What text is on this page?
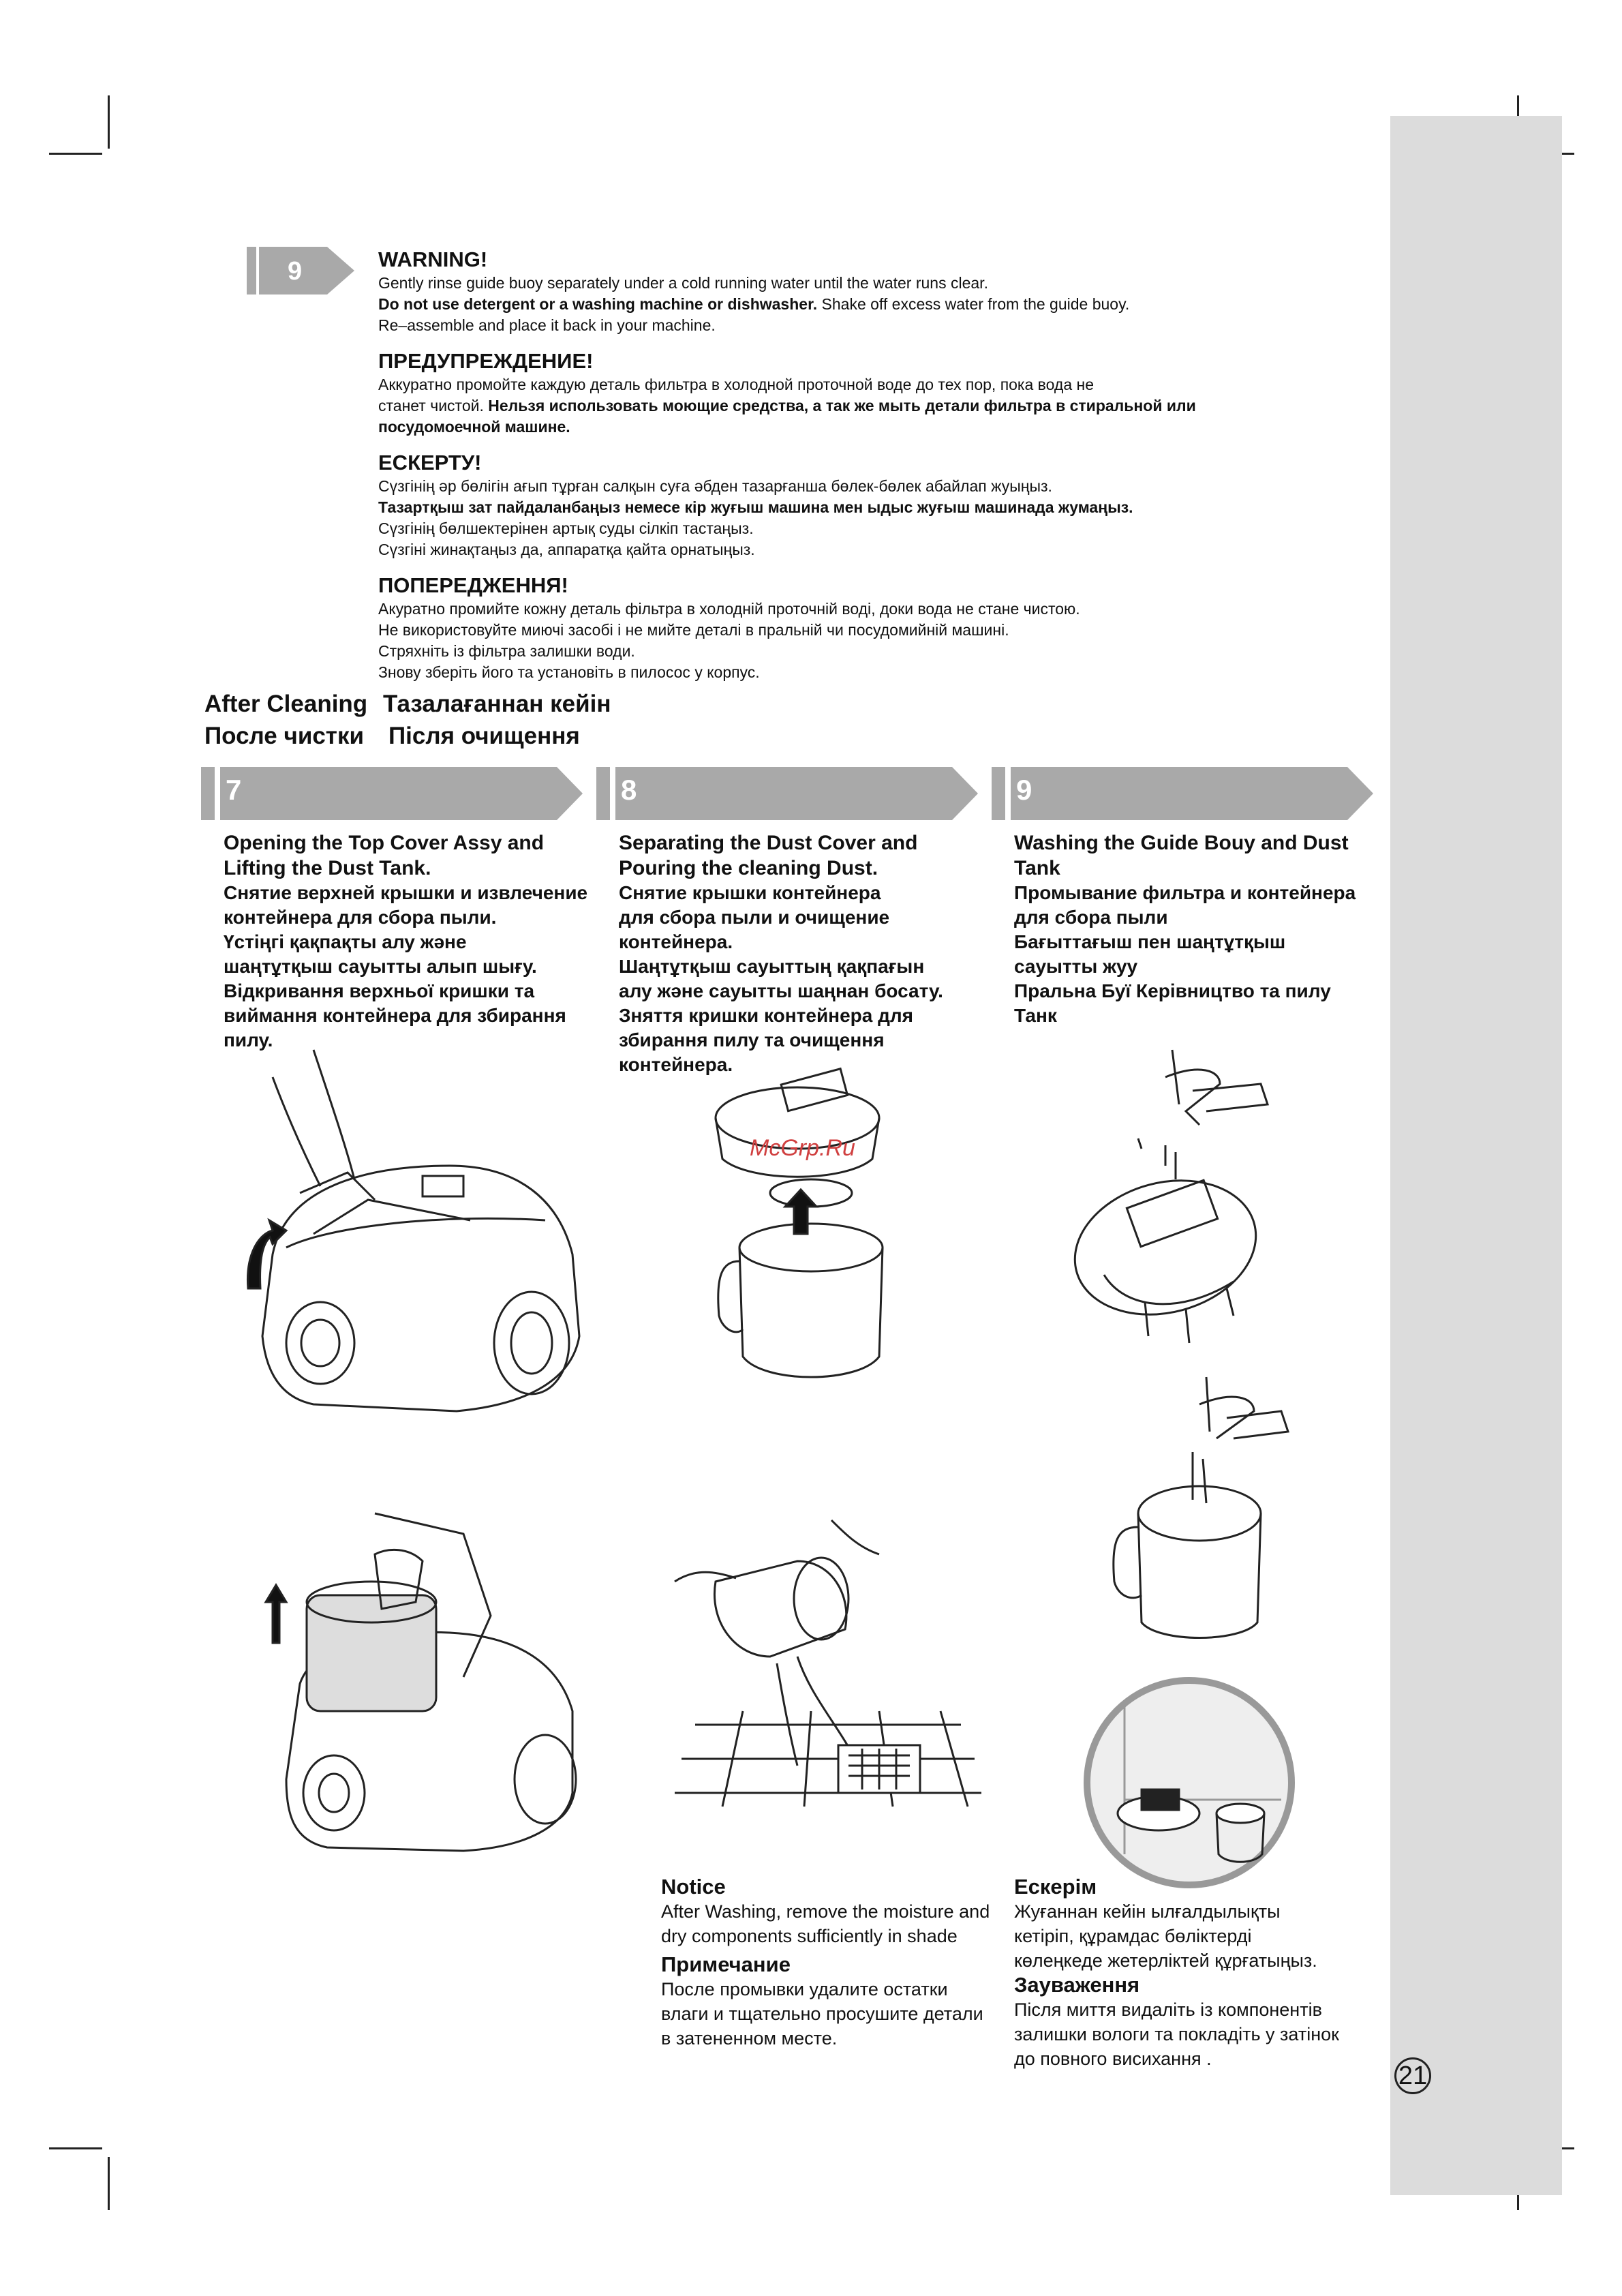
9	WARNING!

Gently rinse guide buoy separately under a cold running water until the water runs clear.

Do not use detergent or a washing machine or dishwasher. Shake off excess water from the guide buoy.

Re–assemble and place it back in your machine.

ПРЕДУПРЕЖДЕНИЕ!

Аккуратно промойте каждую деталь фильтра в холодной проточной воде до тех пор, пока вода не

станет чистой. Нельзя использовать моющие средства, а так же мыть детали фильтра в стиральной или

посудомоечной машине.

ЕСКЕРТУ!

Сүзгінің әр бөлігін ағып тұрған салқын суға әбден тазарғанша бөлек-бөлек абайлап жуыңыз.

Тазартқыш зат пайдаланбаңыз немесе кір жуғыш машина мен ыдыс жуғыш машинада жумаңыз.

Сүзгінің бөлшектерінен артық суды сілкіп тастаңыз.

Сүзгіні жинақтаңыз да, аппаратқа қайта орнатыңыз.

ПОПЕРЕДЖЕННЯ!

Акуратно промийте кожну деталь фільтра в холодній проточній воді, доки вода не стане чистою.

Не використовуйте миючі засобі і не мийте деталі в пральній чи посудомийній машині.

Стряхніть із фільтра залишки води.

Знову зберіть його та установіть в пилосос у корпус.

After Cleaning Тазалағаннан кейін
После чистки Після очищення
7	8	9
Opening the Top Cover Assy and Lifting the Dust Tank.
Снятие верхней крышки и извлечение
контейнера для сбора пыли.
Үстіңгі қақпақты алу және
шаңтұтқыш сауытты алып шығу.
Відкривання верхньої кришки та
виймання контейнера для збирання
пилу.
Separating the Dust Cover and Pouring the cleaning Dust.
Снятие крышки контейнера
для сбора пыли и очищение
контейнера.
Шаңтұтқыш сауыттың қақпағын
алу және сауытты шаңнан босату.
Зняття кришки контейнера для
збирання пилу та очищення
контейнера.
Washing the Guide Bouy and Dust Tank
Промывание фильтра и контейнера
для сбора пыли
Бағыттағыш пен шаңтұтқыш
сауытты жуу
Пральна Буї Керівництво та пилу
Танк
McGrp.Ru
Notice
After Washing, remove the moisture and
dry components sufficiently in shade
Примечание
После промывки удалите остатки
влаги и тщательно просушите детали
в затененном месте.
Ескерім
Жуғаннан кейін ылғалдылықты
кетіріп, құрамдас бөліктерді
көлеңкеде жетерліктей құрғатыңыз.
Зауваження
Після миття видаліть із компонентів
залишки вологи та покладіть у затінок
до повного висихання .
21
